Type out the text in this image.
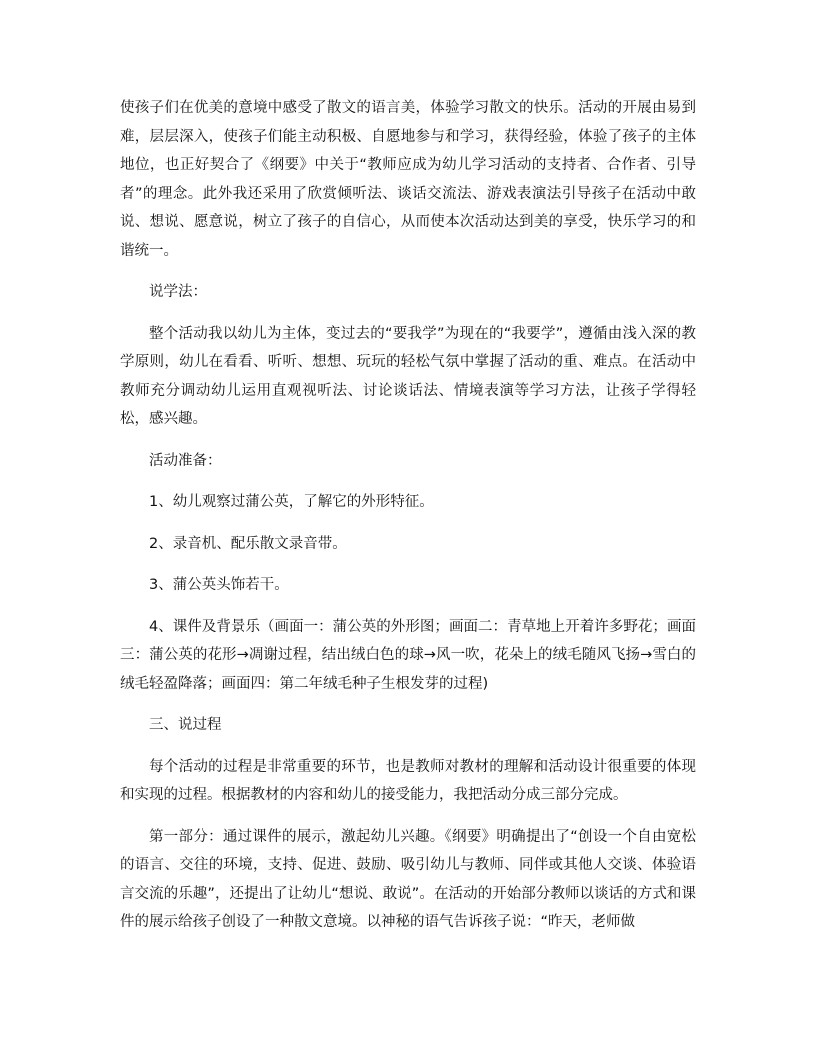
使孩子们在优美的意境中感受了散文的语言美，体验学习散文的快乐。活动的开展由易到难，层层深入，使孩子们能主动积极、自愿地参与和学习，获得经验，体验了孩子的主体地位，也正好契合了《纲要》中关于“教师应成为幼儿学习活动的支持者、合作者、引导者”的理念。此外我还采用了欣赏倾听法、谈话交流法、游戏表演法引导孩子在活动中敢说、想说、愿意说，树立了孩子的自信心，从而使本次活动达到美的享受，快乐学习的和谐统一。

说学法：

整个活动我以幼儿为主体，变过去的“要我学”为现在的“我要学”，遵循由浅入深的教学原则，幼儿在看看、听听、想想、玩玩的轻松气氛中掌握了活动的重、难点。在活动中教师充分调动幼儿运用直观视听法、讨论谈话法、情境表演等学习方法，让孩子学得轻松，感兴趣。

活动准备：

1、幼儿观察过蒲公英，了解它的外形特征。

2、录音机、配乐散文录音带。

3、蒲公英头饰若干。

4、课件及背景乐（画面一：蒲公英的外形图；画面二：青草地上开着许多野花；画面三：蒲公英的花形→凋谢过程，结出绒白色的球→风一吹，花朵上的绒毛随风飞扬→雪白的绒毛轻盈降落；画面四：第二年绒毛种子生根发芽的过程)

三、说过程

每个活动的过程是非常重要的环节，也是教师对教材的理解和活动设计很重要的体现和实现的过程。根据教材的内容和幼儿的接受能力，我把活动分成三部分完成。

第一部分：通过课件的展示，激起幼儿兴趣。《纲要》明确提出了“创设一个自由宽松的语言、交往的环境，支持、促进、鼓励、吸引幼儿与教师、同伴或其他人交谈、体验语言交流的乐趣”，还提出了让幼儿“想说、敢说”。在活动的开始部分教师以谈话的方式和课件的展示给孩子创设了一种散文意境。以神秘的语气告诉孩子说：“昨天，老师做
